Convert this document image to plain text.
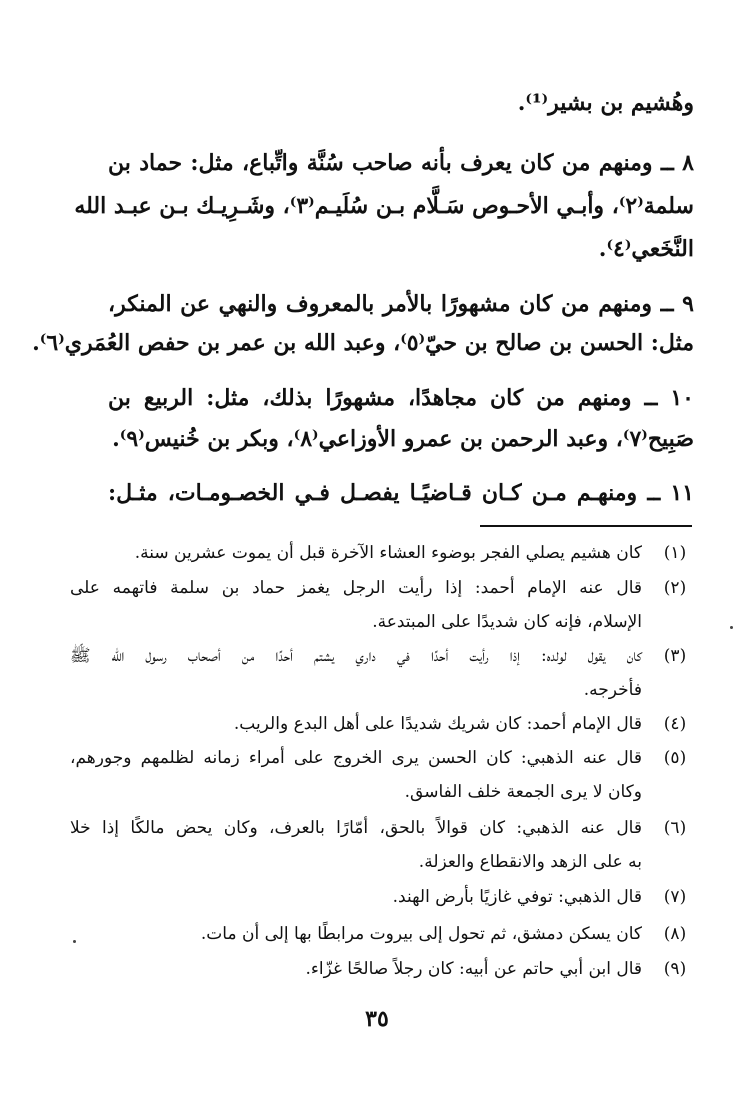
وهُشيم بن بشير⁽¹⁾.
٨ ــ ومنهم من كان يعرف بأنه صاحب سُنَّة واتِّباع، مثل: حماد بن
سلمة⁽٢⁾، وأبـي الأحـوص سَـلَّام بـن سُلَيـم⁽٣⁾، وشَـرِيـك بـن عبـد الله
النَّخَعي⁽٤⁾.
٩ ــ ومنهم من كان مشهورًا بالأمر بالمعروف والنهي عن المنكر،
مثل: الحسن بن صالح بن حيّ⁽٥⁾، وعبد الله بن عمر بن حفص العُمَري⁽٦⁾.
١٠ ــ ومنهم من كان مجاهدًا، مشهورًا بذلك، مثل: الربيع بن
صَبِيح⁽٧⁾، وعبد الرحمن بن عمرو الأوزاعي⁽٨⁾، وبكر بن خُنيس⁽٩⁾.
١١ ــ ومنهـم مـن كـان قـاضيًـا يفصـل فـي الخصـومـات، مثـل:
(١)
كان هشيم يصلي الفجر بوضوء العشاء الآخرة قبل أن يموت عشرين سنة.
(٢)
قال عنه الإمام أحمد: إذا رأيت الرجل يغمز حماد بن سلمة فاتهمه على
الإسلام، فإنه كان شديدًا على المبتدعة.
(٣)
كان يقول لولده: إذا رأيت أحدًا في داري يشتم أحدًا من أصحاب رسول الله ﷺ
فأخرجه.
(٤)
قال الإمام أحمد: كان شريك شديدًا على أهل البدع والريب.
(٥)
قال عنه الذهبي: كان الحسن يرى الخروج على أمراء زمانه لظلمهم وجورهم،
وكان لا يرى الجمعة خلف الفاسق.
(٦)
قال عنه الذهبي: كان قوالاً بالحق، أمّارًا بالعرف، وكان يحض مالكًا إذا خلا
به على الزهد والانقطاع والعزلة.
(٧)
قال الذهبي: توفي غازيًا بأرض الهند.
(٨)
كان يسكن دمشق، ثم تحول إلى بيروت مرابطًا بها إلى أن مات.
(٩)
قال ابن أبي حاتم عن أبيه: كان رجلاً صالحًا غزّاء.
٣٥
